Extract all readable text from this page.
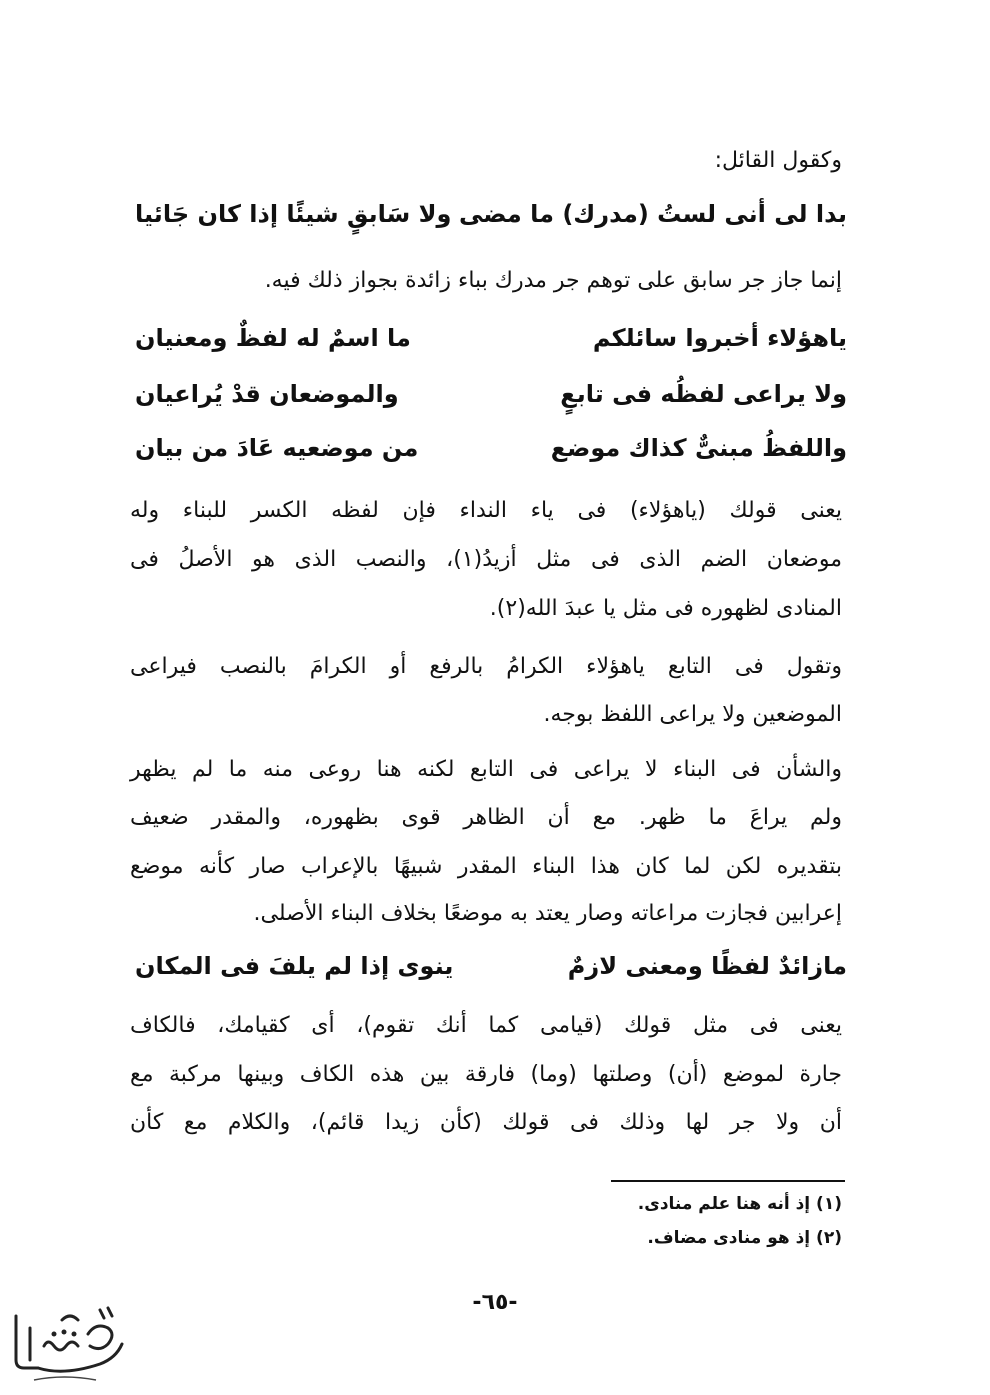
وكقول القائل:
بدا لى أنى لستُ (مدرك) ما مضى
ولا سَابقٍ شيئًا إذا كان جَائيا
إنما جاز جر سابق على توهم جر مدرك بباء زائدة بجواز ذلك فيه.
ياهؤلاء أخبروا سائلكم
ما اسمٌ له لفظٌ ومعنيان
ولا يراعى لفظُه فى تابعٍ
والموضعان قدْ يُراعيان
واللفظُ مبنىٌّ كذاك موضع
من موضعيه عَادَ من بيان
يعنى قولك (ياهؤلاء) فى ياء النداء فإن لفظه الكسر للبناء وله
موضعان الضم الذى فى مثل أزيدُ(١)، والنصب الذى هو الأصلُ فى
المنادى لظهوره فى مثل يا عبدَ الله(٢).
وتقول فى التابع ياهؤلاء الكرامُ بالرفع أو الكرامَ بالنصب فيراعى
الموضعين ولا يراعى اللفظ بوجه.
والشأن فى البناء لا يراعى فى التابع لكنه هنا روعى منه ما لم يظهر
ولم يراعَ ما ظهر. مع أن الظاهر قوى بظهوره، والمقدر ضعيف
بتقديره لكن لما كان هذا البناء المقدر شبيهًا بالإعراب صار كأنه موضع
إعرابين فجازت مراعاته وصار يعتد به موضعًا بخلاف البناء الأصلى.
مازائدٌ لفظًا ومعنى لازمٌ
ينوى إذا لم يلفَ فى المكان
يعنى فى مثل قولك (قيامى كما أنك تقوم)، أى كقيامك، فالكاف
جارة لموضع (أن) وصلتها (وما) فارقة بين هذه الكاف وبينها مركبة مع
أن ولا جر لها وذلك فى قولك (كأن زيدا قائم)، والكلام مع كأن
(١) إذ أنه هنا علم منادى.
(٢) إذ هو منادى مضاف.
-٦٥-
